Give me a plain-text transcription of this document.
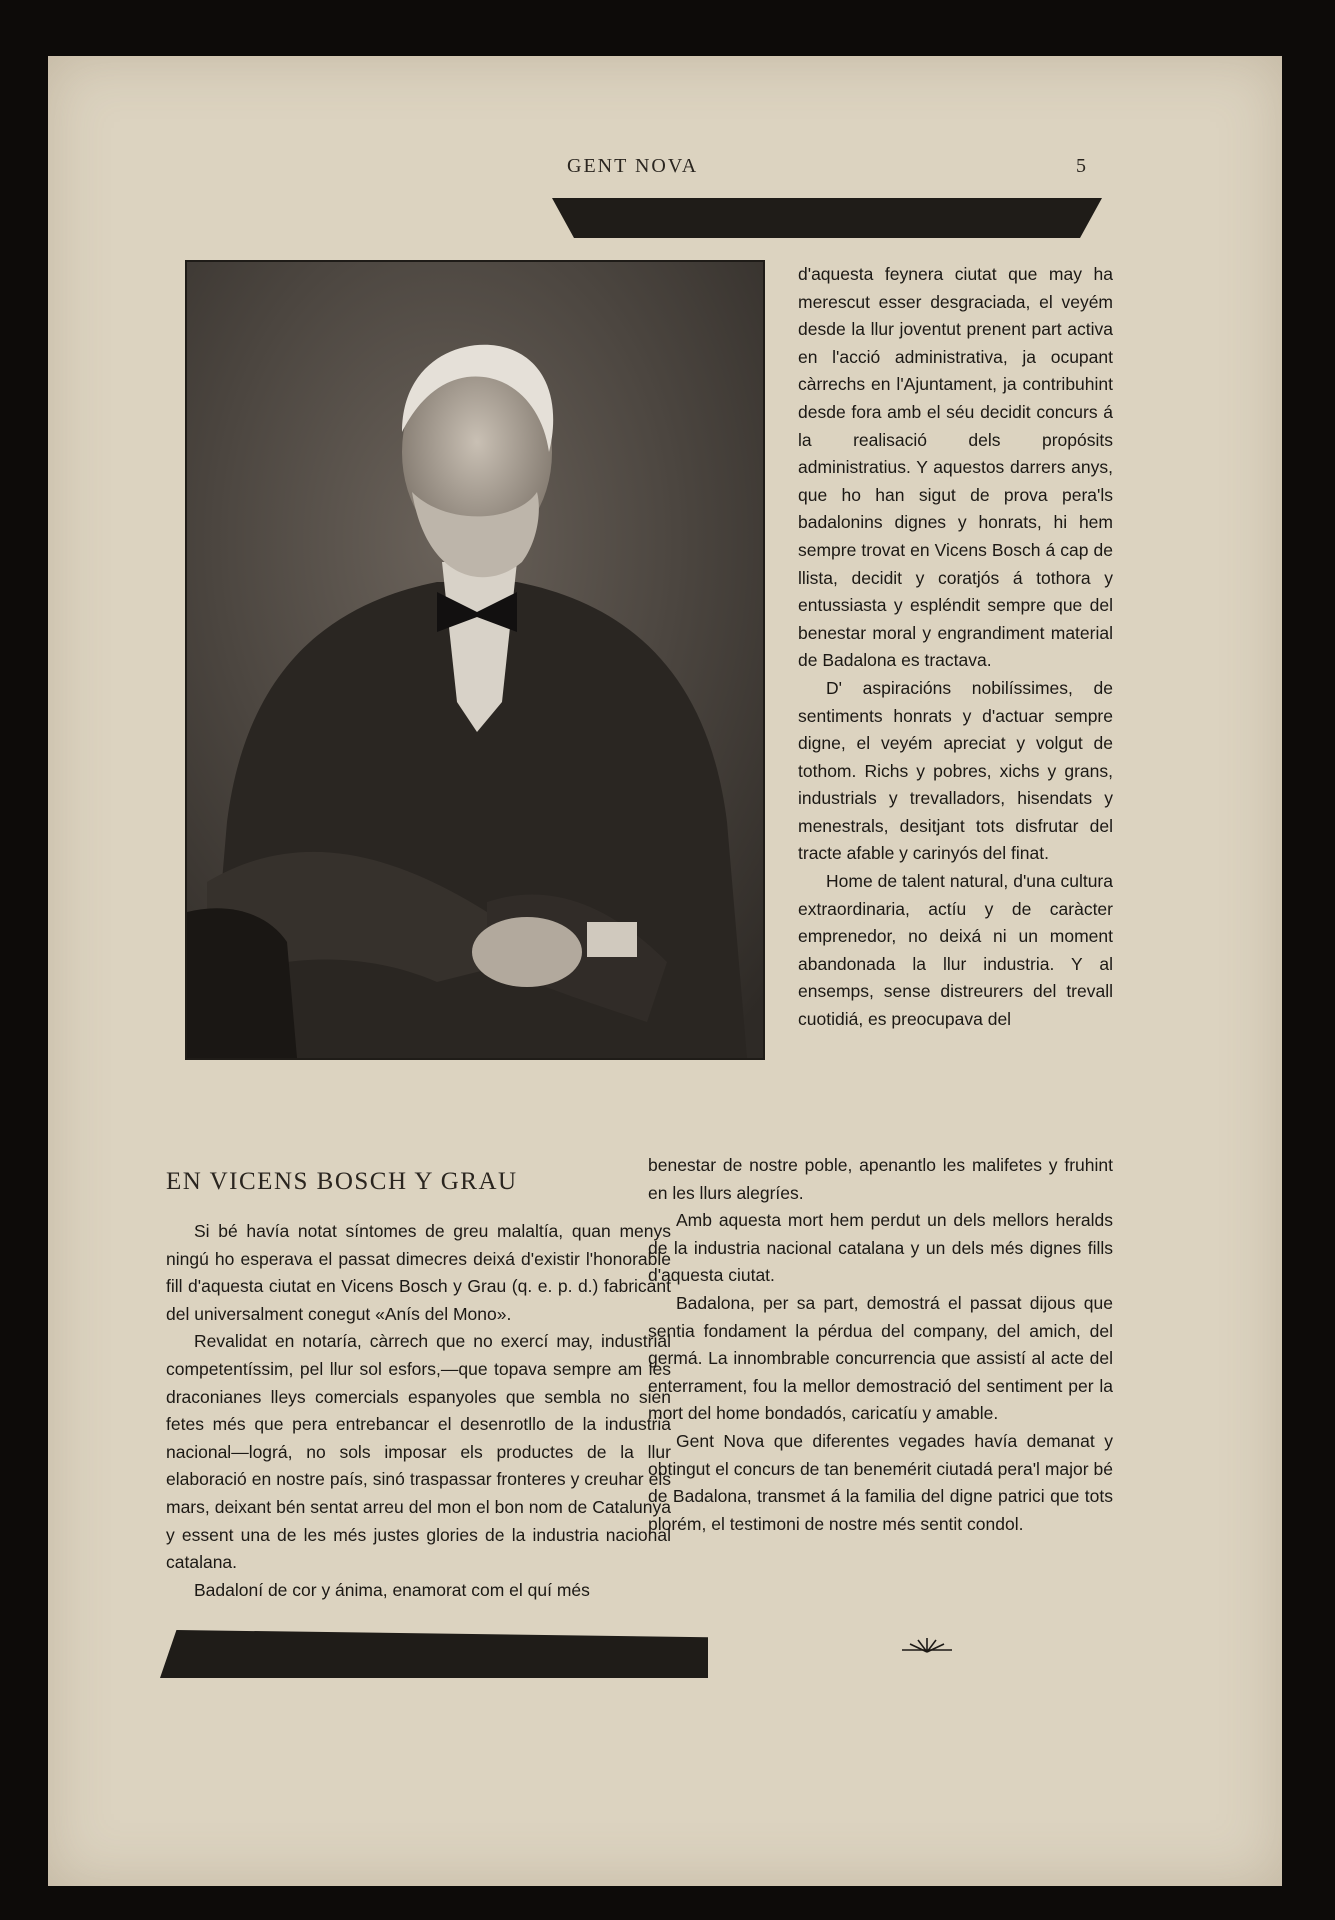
GENT NOVA	5

d'aquesta feynera ciutat que may ha merescut esser desgraciada, el veyém desde la llur joventut prenent part activa en l'acció administrativa, ja ocupant càrrechs en l'Ajuntament, ja contribuhint desde fora amb el séu decidit concurs á la realisació dels propósits administratius. Y aquestos darrers anys, que ho han sigut de prova pera'ls badalonins dignes y honrats, hi hem sempre trovat en Vicens Bosch á cap de llista, decidit y coratjós á tothora y entussiasta y espléndit sempre que del benestar moral y engrandiment material de Badalona es tractava.

D' aspiracións nobilíssimes, de sentiments honrats y d'actuar sempre digne, el veyém apreciat y volgut de tothom. Richs y pobres, xichs y grans, industrials y trevalladors, hisendats y menestrals, desitjant tots disfrutar del tracte afable y carinyós del finat.

Home de talent natural, d'una cultura extraordinaria, actíu y de caràcter emprenedor, no deixá ni un moment abandonada la llur industria. Y al ensemps, sense distreurers del trevall cuotidiá, es preocupava del

EN VICENS BOSCH Y GRAU

Si bé havía notat síntomes de greu malaltía, quan menys ningú ho esperava el passat dimecres deixá d'existir l'honorable fill d'aquesta ciutat en Vicens Bosch y Grau (q. e. p. d.) fabricant del universalment conegut «Anís del Mono».

Revalidat en notaría, càrrech que no exercí may, industrial competentíssim, pel llur sol esfors,—que topava sempre am les draconianes lleys comercials espanyoles que sembla no sien fetes més que pera entrebancar el desenrotllo de la industria nacional—lográ, no sols imposar els productes de la llur elaboració en nostre país, sinó traspassar fronteres y creuhar els mars, deixant bén sentat arreu del mon el bon nom de Catalunya y essent una de les més justes glories de la industria nacional catalana.

Badaloní de cor y ánima, enamorat com el quí més

benestar de nostre poble, apenantlo les malifetes y fruhint en les llurs alegríes.

Amb aquesta mort hem perdut un dels mellors heralds de la industria nacional catalana y un dels més dignes fills d'aquesta ciutat.

Badalona, per sa part, demostrá el passat dijous que sentia fondament la pérdua del company, del amich, del germá. La innombrable concurrencia que assistí al acte del enterrament, fou la mellor demostració del sentiment per la mort del home bondadós, caricatíu y amable.

Gent Nova que diferentes vegades havía demanat y obtingut el concurs de tan benemérit ciutadá pera'l major bé de Badalona, transmet á la familia del digne patrici que tots plorém, el testimoni de nostre més sentit condol.
